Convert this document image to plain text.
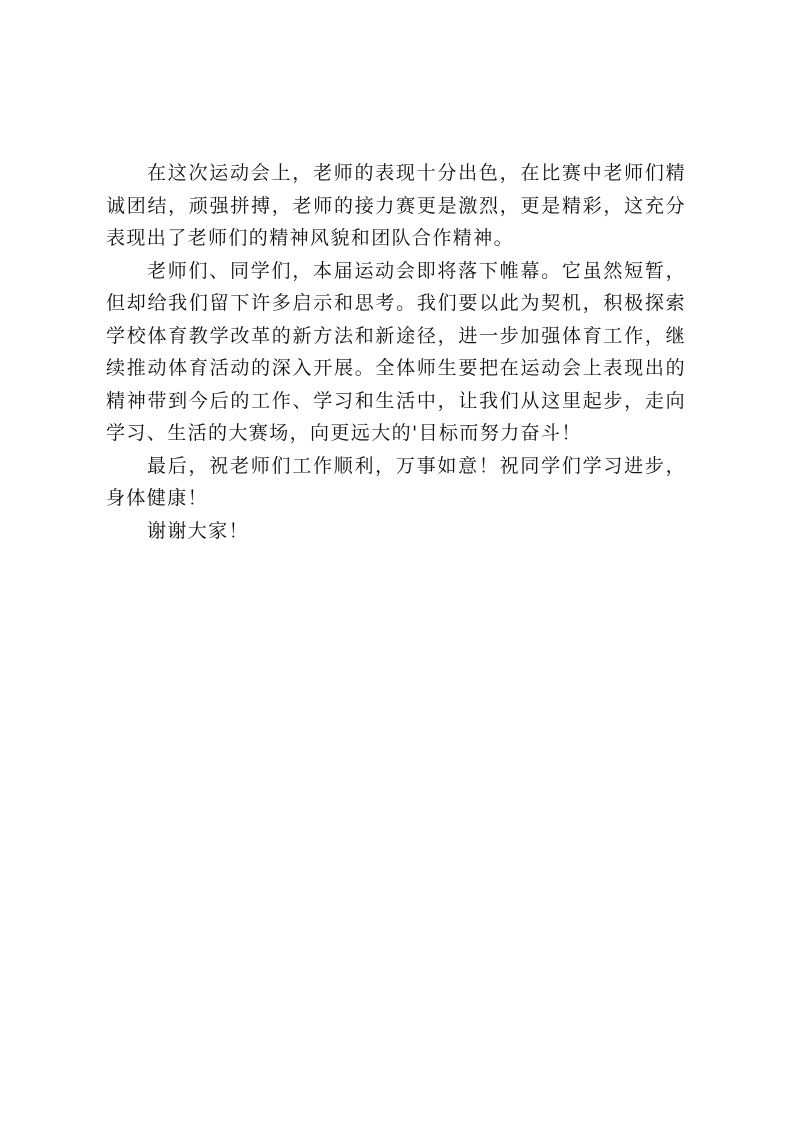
在这次运动会上，老师的表现十分出色，在比赛中老师们精诚团结，顽强拼搏，老师的接力赛更是激烈，更是精彩，这充分表现出了老师们的精神风貌和团队合作精神。

老师们、同学们，本届运动会即将落下帷幕。它虽然短暂，但却给我们留下许多启示和思考。我们要以此为契机，积极探索学校体育教学改革的新方法和新途径，进一步加强体育工作，继续推动体育活动的深入开展。全体师生要把在运动会上表现出的精神带到今后的工作、学习和生活中，让我们从这里起步，走向学习、生活的大赛场，向更远大的'目标而努力奋斗！

最后，祝老师们工作顺利，万事如意！祝同学们学习进步，身体健康！

谢谢大家！
